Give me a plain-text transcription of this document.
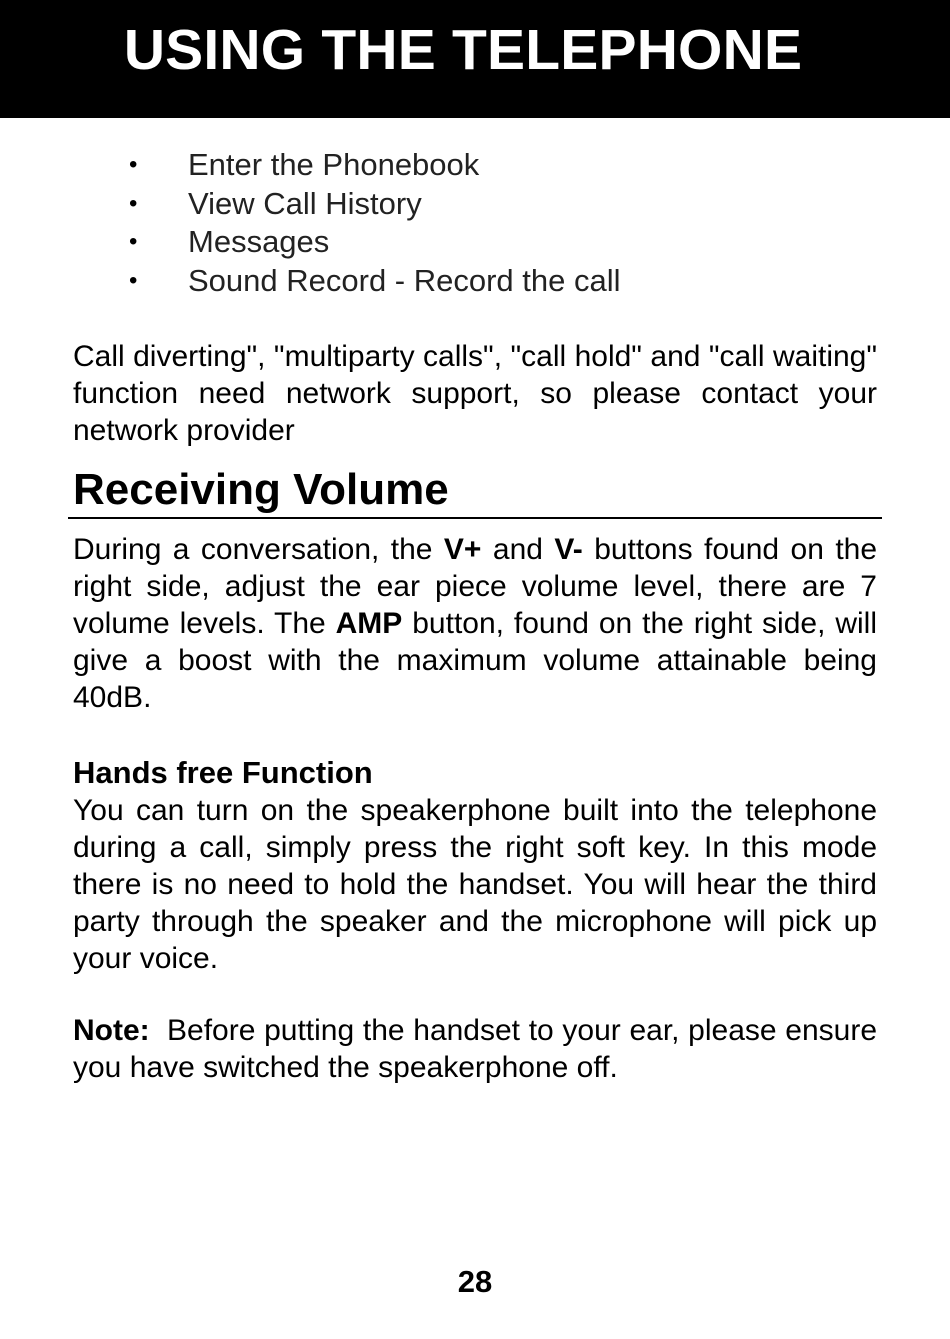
USING THE TELEPHONE
• Enter the Phonebook
• View Call History
• Messages
• Sound Record - Record the call

Call diverting", "multiparty calls", "call hold" and "call waiting" function need network support, so please contact your network provider

Receiving Volume

During a conversation, the V+ and V- buttons found on the right side, adjust the ear piece volume level, there are 7 volume levels. The AMP button, found on the right side, will give a boost with the maximum volume attainable being 40dB.

Hands free Function

You can turn on the speakerphone built into the telephone during a call, simply press the right soft key. In this mode there is no need to hold the handset. You will hear the third party through the speaker and the microphone will pick up your voice.

Note: Before putting the handset to your ear, please ensure you have switched the speakerphone off.

28
